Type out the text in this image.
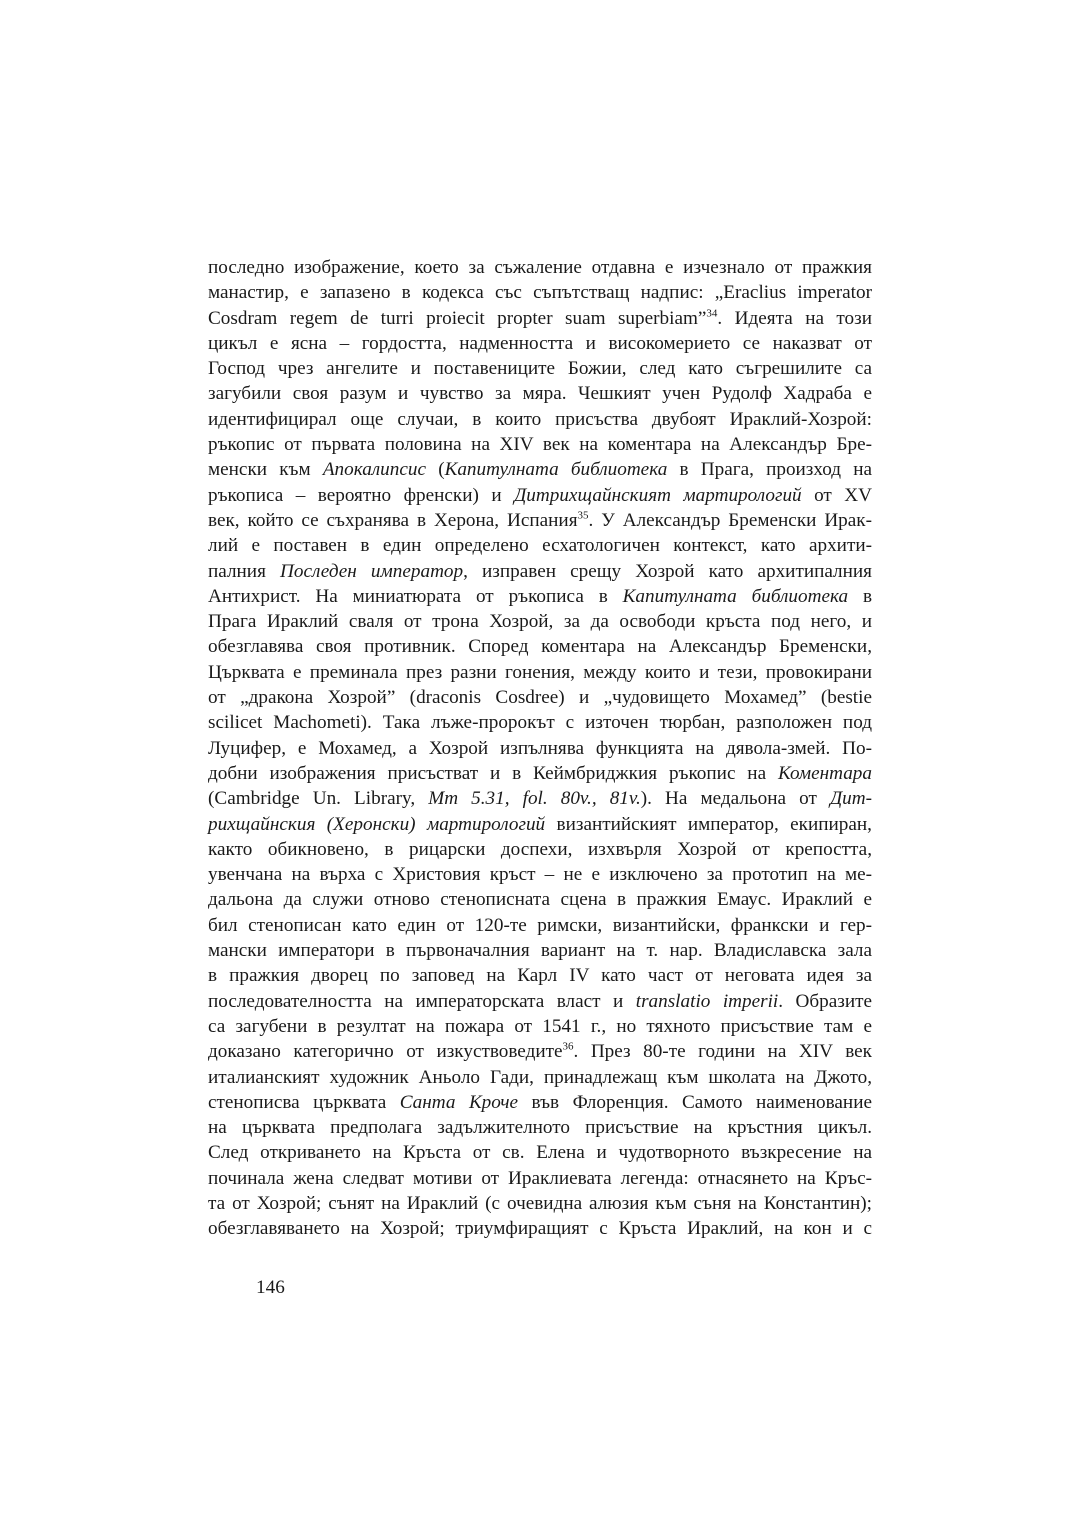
последно изображение, което за съжаление отдавна е изчезнало от пражкия
манастир, е запазено в кодекса със съпътстващ надпис: „Eraclius imperator
Cosdram regem de turri proiecit propter suam superbiam”$^{34}$. Идеята на този
цикъл е ясна – гордостта, надменността и високомерието се наказват от
Господ чрез ангелите и поставениците Божии, след като съгрешилите са
загубили своя разум и чувство за мяра. Чешкият учен Рудолф Хадраба е
идентифицирал още случаи, в които присъства двубоят Ираклий-Хозрой:
ръкопис от първата половина на XIV век на коментара на Александър Бре-
менски към Апокалипсис (Капитулната библиотека в Прага, произход на
ръкописа – вероятно френски) и Дитрихщайнският мартирологий от XV
век, който се съхранява в Херона, Испания$^{35}$. У Александър Бременски Ирак-
лий е поставен в един определено есхатологичен контекст, като архити-
палния Последен император, изправен срещу Хозрой като архитипалния
Антихрист. На миниатюрата от ръкописа в Капитулната библиотека в
Прага Ираклий сваля от трона Хозрой, за да освободи кръста под него, и
обезглавява своя противник. Според коментара на Александър Бременски,
Църквата е преминала през разни гонения, между които и тези, провокирани
от „дракона Хозрой” (draconis Cosdree) и „чудовището Мохамед” (bestie
scilicet Machometi). Така лъже-пророкът с източен тюрбан, разположен под
Луцифер, е Мохамед, а Хозрой изпълнява функцията на дявола-змей. По-
добни изображения присъстват и в Кеймбриджкия ръкопис на Коментара
(Cambridge Un. Library, Mm 5.31, fol. 80v., 81v.). На медальона от Дит-
рихщайнския (Херонски) мартирологий византийският император, екипиран,
както обикновено, в рицарски доспехи, изхвърля Хозрой от крепостта,
увенчана на върха с Христовия кръст – не е изключено за прототип на ме-
дальона да служи отново стенописната сцена в пражкия Емаус. Ираклий е
бил стенописан като един от 120-те римски, византийски, франкски и гер-
мански императори в първоначалния вариант на т. нар. Владиславска зала
в пражкия дворец по заповед на Карл IV като част от неговата идея за
последователността на императорската власт и translatio imperii. Образите
са загубени в резултат на пожара от 1541 г., но тяхното присъствие там е
доказано категорично от изкуствоведите$^{36}$. През 80-те години на XIV век
италианският художник Аньоло Гади, принадлежащ към школата на Джото,
стенописва църквата Санта Кроче във Флоренция. Самото наименование
на църквата предполага задължителното присъствие на кръстния цикъл.
След откриването на Кръста от св. Елена и чудотворното възкресение на
починала жена следват мотиви от Ираклиевата легенда: отнасянето на Кръс-
та от Хозрой; сънят на Ираклий (с очевидна алюзия към съня на Константин);
обезглавяването на Хозрой; триумфиращият с Кръста Ираклий, на кон и с
146
